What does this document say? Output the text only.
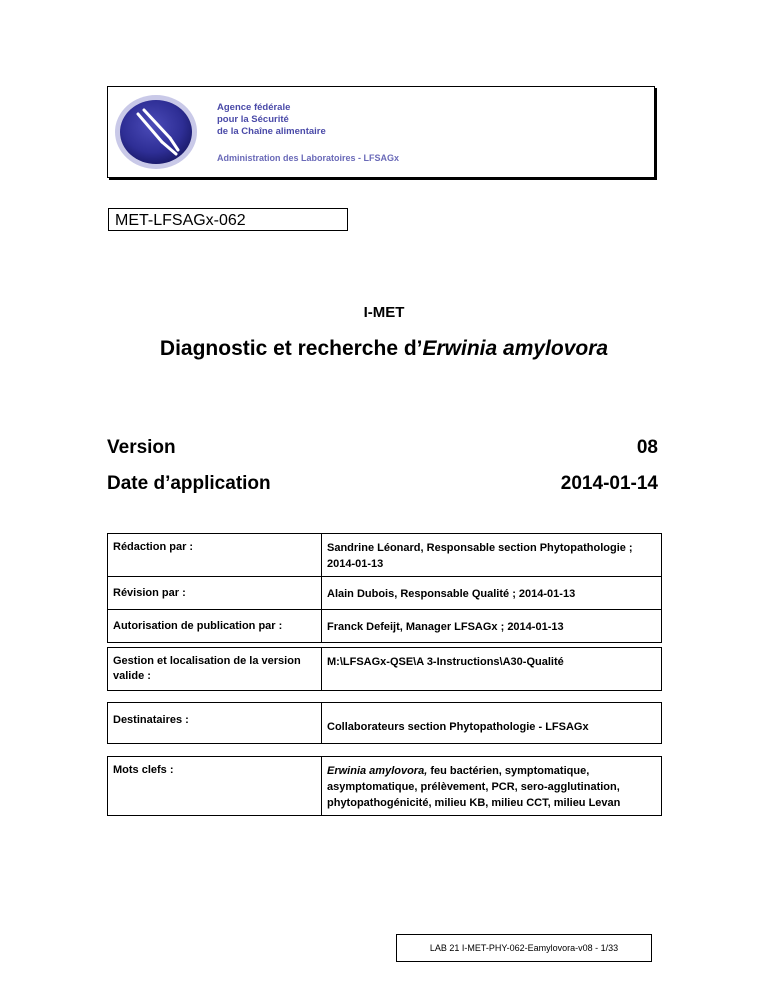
Agence fédérale
pour la Sécurité
de la Chaîne alimentaire
Administration des Laboratoires - LFSAGx
MET-LFSAGx-062
I-MET
Diagnostic et recherche d’Erwinia amylovora
Version	08
Date d’application	2014-01-14
Rédaction par :	Sandrine Léonard, Responsable section Phytopathologie ; 2014-01-13
Révision par :	Alain Dubois, Responsable Qualité ; 2014-01-13
Autorisation de publication par :	Franck Defeijt, Manager LFSAGx ; 2014-01-13
Gestion et localisation de la version valide :
M:\LFSAGx-QSE\A 3-Instructions\A30-Qualité
Destinataires :
Collaborateurs section Phytopathologie - LFSAGx
Mots clefs :	Erwinia amylovora, feu bactérien, symptomatique, asymptomatique, prélèvement, PCR, sero-agglutination, phytopathogénicité, milieu KB, milieu CCT, milieu Levan
LAB 21 I-MET-PHY-062-Eamylovora-v08 - 1/33
